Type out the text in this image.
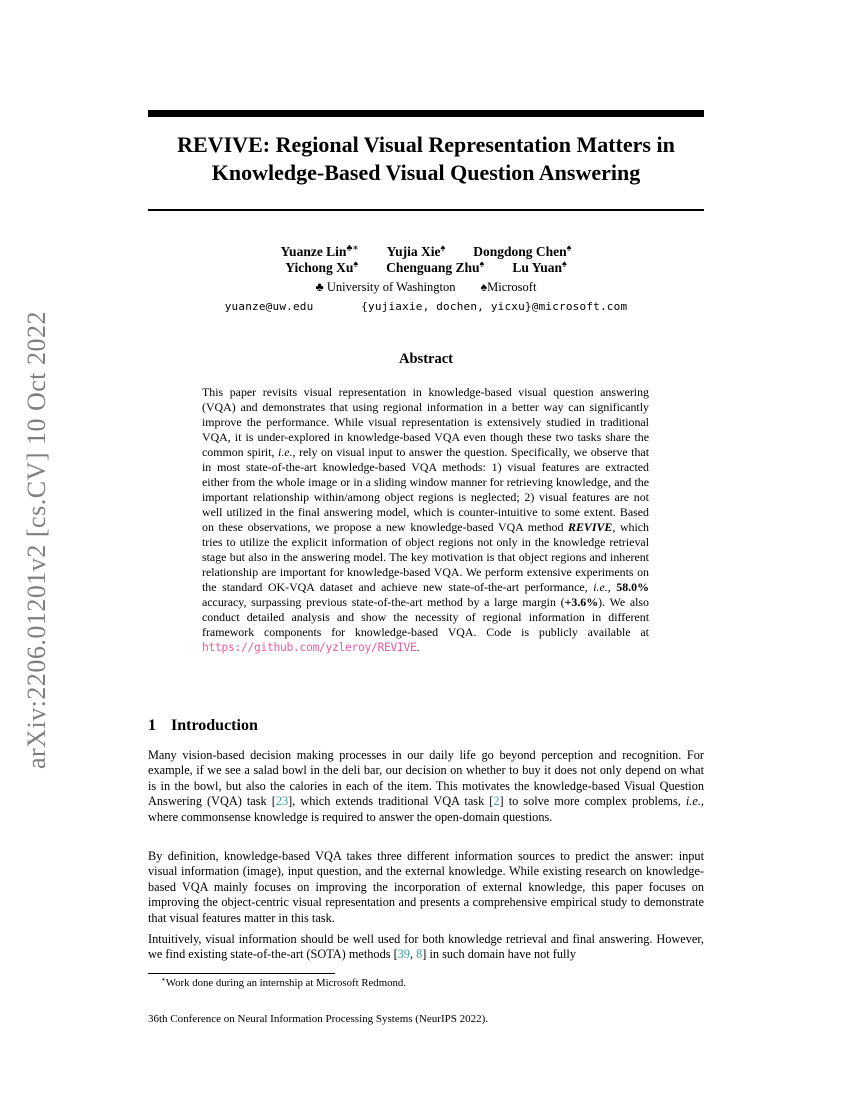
arXiv:2206.01201v2 [cs.CV] 10 Oct 2022
REVIVE: Regional Visual Representation Matters in
Knowledge-Based Visual Question Answering
Yuanze Lin♣∗ Yujia Xie♠ Dongdong Chen♠
Yichong Xu♠ Chenguang Zhu♠ Lu Yuan♠
♣ University of Washington        ♠Microsoft
yuanze@uw.edu       {yujiaxie, dochen, yicxu}@microsoft.com
Abstract

This paper revisits visual representation in knowledge-based visual question answering (VQA) and demonstrates that using regional information in a better way can significantly improve the performance. While visual representation is extensively studied in traditional VQA, it is under-explored in knowledge-based VQA even though these two tasks share the common spirit, i.e., rely on visual input to answer the question. Specifically, we observe that in most state-of-the-art knowledge-based VQA methods: 1) visual features are extracted either from the whole image or in a sliding window manner for retrieving knowledge, and the important relationship within/among object regions is neglected; 2) visual features are not well utilized in the final answering model, which is counter-intuitive to some extent. Based on these observations, we propose a new knowledge-based VQA method REVIVE, which tries to utilize the explicit information of object regions not only in the knowledge retrieval stage but also in the answering model. The key motivation is that object regions and inherent relationship are important for knowledge-based VQA. We perform extensive experiments on the standard OK-VQA dataset and achieve new state-of-the-art performance, i.e., 58.0% accuracy, surpassing previous state-of-the-art method by a large margin (+3.6%). We also conduct detailed analysis and show the necessity of regional information in different framework components for knowledge-based VQA. Code is publicly available at https://github.com/yzleroy/REVIVE.

1 Introduction

Many vision-based decision making processes in our daily life go beyond perception and recognition. For example, if we see a salad bowl in the deli bar, our decision on whether to buy it does not only depend on what is in the bowl, but also the calories in each of the item. This motivates the knowledge-based Visual Question Answering (VQA) task [23], which extends traditional VQA task [2] to solve more complex problems, i.e., where commonsense knowledge is required to answer the open-domain questions.

By definition, knowledge-based VQA takes three different information sources to predict the answer: input visual information (image), input question, and the external knowledge. While existing research on knowledge-based VQA mainly focuses on improving the incorporation of external knowledge, this paper focuses on improving the object-centric visual representation and presents a comprehensive empirical study to demonstrate that visual features matter in this task.

Intuitively, visual information should be well used for both knowledge retrieval and final answering. However, we find existing state-of-the-art (SOTA) methods [39, 8] in such domain have not fully

∗Work done during an internship at Microsoft Redmond.

36th Conference on Neural Information Processing Systems (NeurIPS 2022).
